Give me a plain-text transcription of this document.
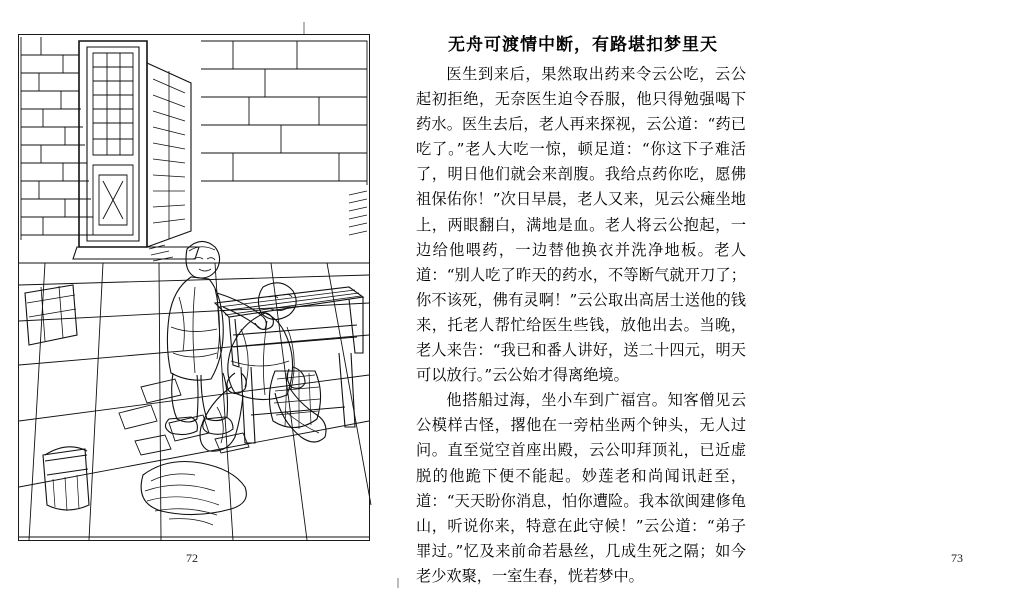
72
无舟可渡情中断，有路堪扣梦里天

医生到来后，果然取出药来令云公吃，云公起初拒绝，无奈医生迫令吞服，他只得勉强喝下药水。医生去后，老人再来探视，云公道：“药已吃了。”老人大吃一惊，顿足道：“你这下子难活了，明日他们就会来剖腹。我给点药你吃，愿佛祖保佑你！”次日早晨，老人又来，见云公瘫坐地上，两眼翻白，满地是血。老人将云公抱起，一边给他喂药，一边替他换衣并洗净地板。老人道：“别人吃了昨天的药水，不等断气就开刀了；你不该死，佛有灵啊！”云公取出高居士送他的钱来，托老人帮忙给医生些钱，放他出去。当晚，老人来告：“我已和番人讲好，送二十四元，明天可以放行。”云公始才得离绝境。

他搭船过海，坐小车到广福宫。知客僧见云公模样古怪，撂他在一旁枯坐两个钟头，无人过问。直至觉空首座出殿，云公叩拜顶礼，已近虚脱的他跪下便不能起。妙莲老和尚闻讯赶至，道：“天天盼你消息，怕你遭险。我本欲闽建修龟山，听说你来，特意在此守候！”云公道：“弟子罪过。”忆及来前命若悬丝，几成生死之隔；如今老少欢聚，一室生春，恍若梦中。

73
